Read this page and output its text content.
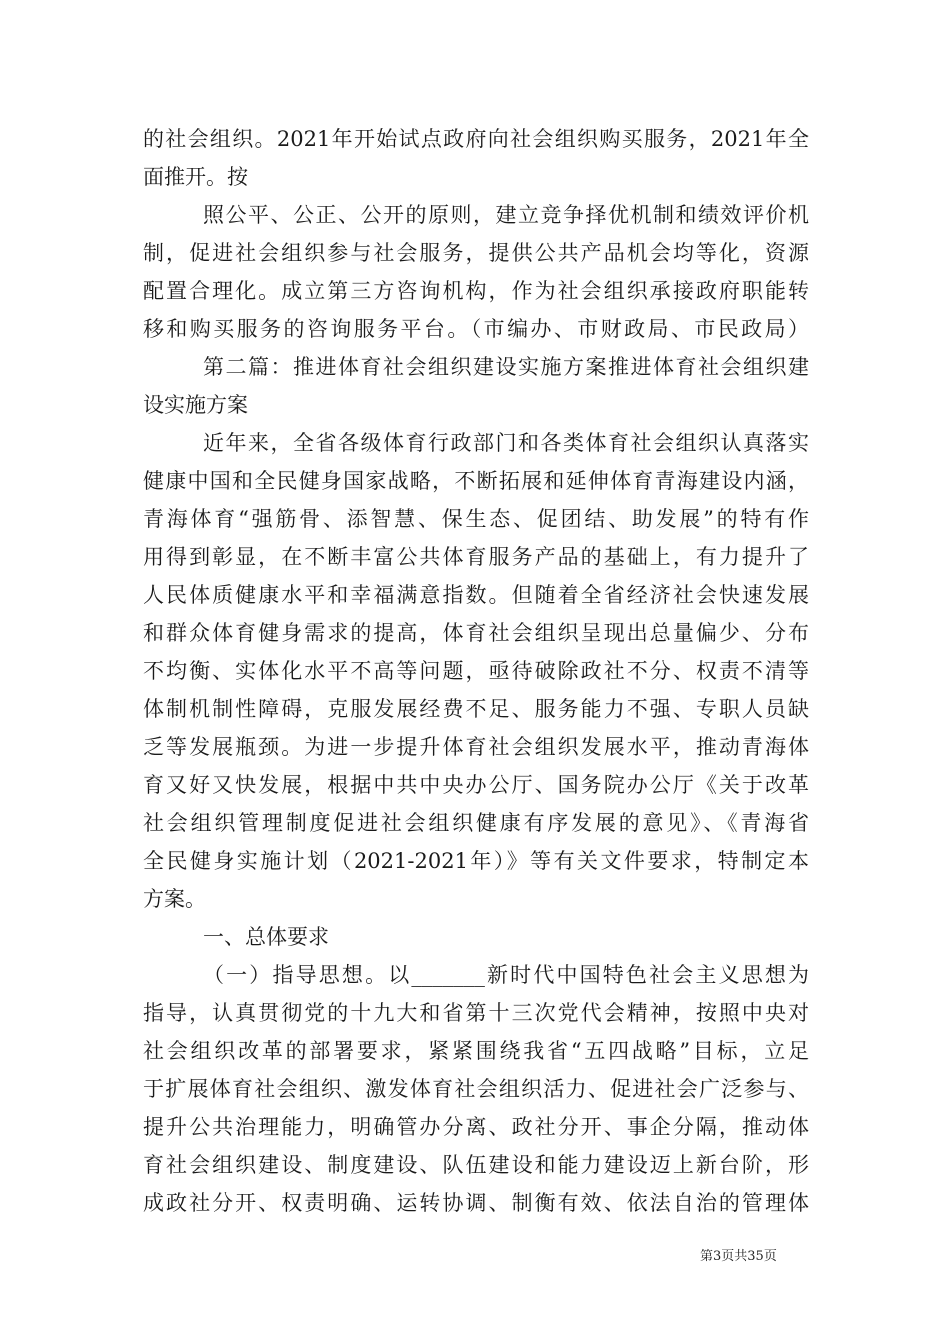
的社会组织。2021年开始试点政府向社会组织购买服务，2021年全
面推开。按
照公平、公正、公开的原则，建立竞争择优机制和绩效评价机
制，促进社会组织参与社会服务，提供公共产品机会均等化，资源
配置合理化。成立第三方咨询机构，作为社会组织承接政府职能转
移和购买服务的咨询服务平台。（市编办、市财政局、市民政局）
第二篇：推进体育社会组织建设实施方案推进体育社会组织建
设实施方案
近年来，全省各级体育行政部门和各类体育社会组织认真落实
健康中国和全民健身国家战略，不断拓展和延伸体育青海建设内涵，
青海体育“强筋骨、添智慧、保生态、促团结、助发展”的特有作
用得到彰显，在不断丰富公共体育服务产品的基础上，有力提升了
人民体质健康水平和幸福满意指数。但随着全省经济社会快速发展
和群众体育健身需求的提高，体育社会组织呈现出总量偏少、分布
不均衡、实体化水平不高等问题，亟待破除政社不分、权责不清等
体制机制性障碍，克服发展经费不足、服务能力不强、专职人员缺
乏等发展瓶颈。为进一步提升体育社会组织发展水平，推动青海体
育又好又快发展，根据中共中央办公厅、国务院办公厅《关于改革
社会组织管理制度促进社会组织健康有序发展的意见》、《青海省
全民健身实施计划（2021-2021年）》等有关文件要求，特制定本
方案。
一、总体要求
（一）指导思想。以_______新时代中国特色社会主义思想为
指导，认真贯彻党的十九大和省第十三次党代会精神，按照中央对
社会组织改革的部署要求，紧紧围绕我省“五四战略”目标，立足
于扩展体育社会组织、激发体育社会组织活力、促进社会广泛参与、
提升公共治理能力，明确管办分离、政社分开、事企分隔，推动体
育社会组织建设、制度建设、队伍建设和能力建设迈上新台阶，形
成政社分开、权责明确、运转协调、制衡有效、依法自治的管理体
第3页共35页
